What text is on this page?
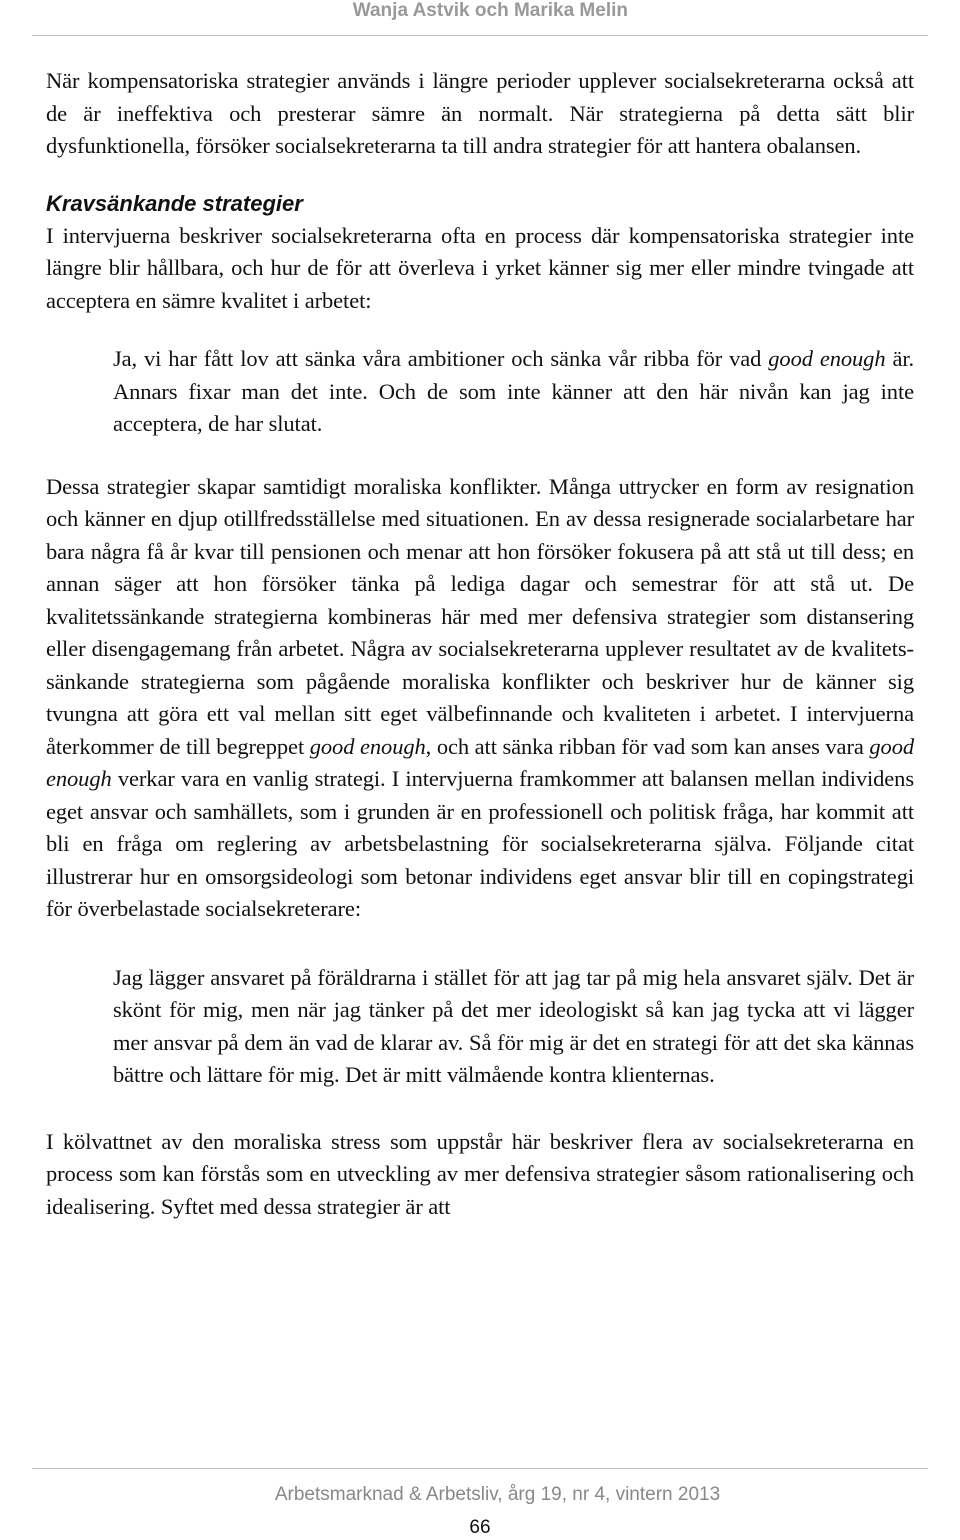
Wanja Astvik och Marika Melin

När kompensatoriska strategier används i längre perioder upplever socialsekreterarna också att de är ineffektiva och presterar sämre än normalt. När strategierna på detta sätt blir dysfunktionella, försöker socialsekreterarna ta till andra strategier för att hantera obalansen.

Kravsänkande strategier

I intervjuerna beskriver socialsekreterarna ofta en process där kompensatoriska strategier inte längre blir hållbara, och hur de för att överleva i yrket känner sig mer eller mindre tvingade att acceptera en sämre kvalitet i arbetet:

Ja, vi har fått lov att sänka våra ambitioner och sänka vår ribba för vad good enough är. Annars fixar man det inte. Och de som inte känner att den här nivån kan jag inte acceptera, de har slutat.

Dessa strategier skapar samtidigt moraliska konflikter. Många uttrycker en form av resignation och känner en djup otillfredsställelse med situationen. En av dessa resignerade socialarbetare har bara några få år kvar till pensionen och menar att hon försöker fokusera på att stå ut till dess; en annan säger att hon försöker tänka på lediga dagar och semestrar för att stå ut. De kvalitetssänkande strategierna kombineras här med mer defensiva strategier som distansering eller disengagemang från arbetet. Några av socialsekreterarna upplever resultatet av de kvalitetssänkande strategierna som pågående moraliska konflikter och beskriver hur de känner sig tvungna att göra ett val mellan sitt eget välbefinnande och kvaliteten i arbetet. I intervjuerna återkommer de till begreppet good enough, och att sänka ribban för vad som kan anses vara good enough verkar vara en vanlig strategi. I intervjuerna framkommer att balansen mellan individens eget ansvar och samhällets, som i grunden är en professionell och politisk fråga, har kommit att bli en fråga om reglering av arbetsbelastning för socialsekreterarna själva. Följande citat illustrerar hur en omsorgsideologi som betonar individens eget ansvar blir till en copingstrategi för överbelastade socialsekreterare:

Jag lägger ansvaret på föräldrarna i stället för att jag tar på mig hela ansvaret själv. Det är skönt för mig, men när jag tänker på det mer ideologiskt så kan jag tycka att vi lägger mer ansvar på dem än vad de klarar av. Så för mig är det en strategi för att det ska kännas bättre och lättare för mig. Det är mitt välmående kontra klienternas.

I kölvattnet av den moraliska stress som uppstår här beskriver flera av socialsekreterarna en process som kan förstås som en utveckling av mer defensiva strategier såsom rationalisering och idealisering. Syftet med dessa strategier är att

Arbetsmarknad & Arbetsliv, årg 19, nr 4, vintern 2013
66
